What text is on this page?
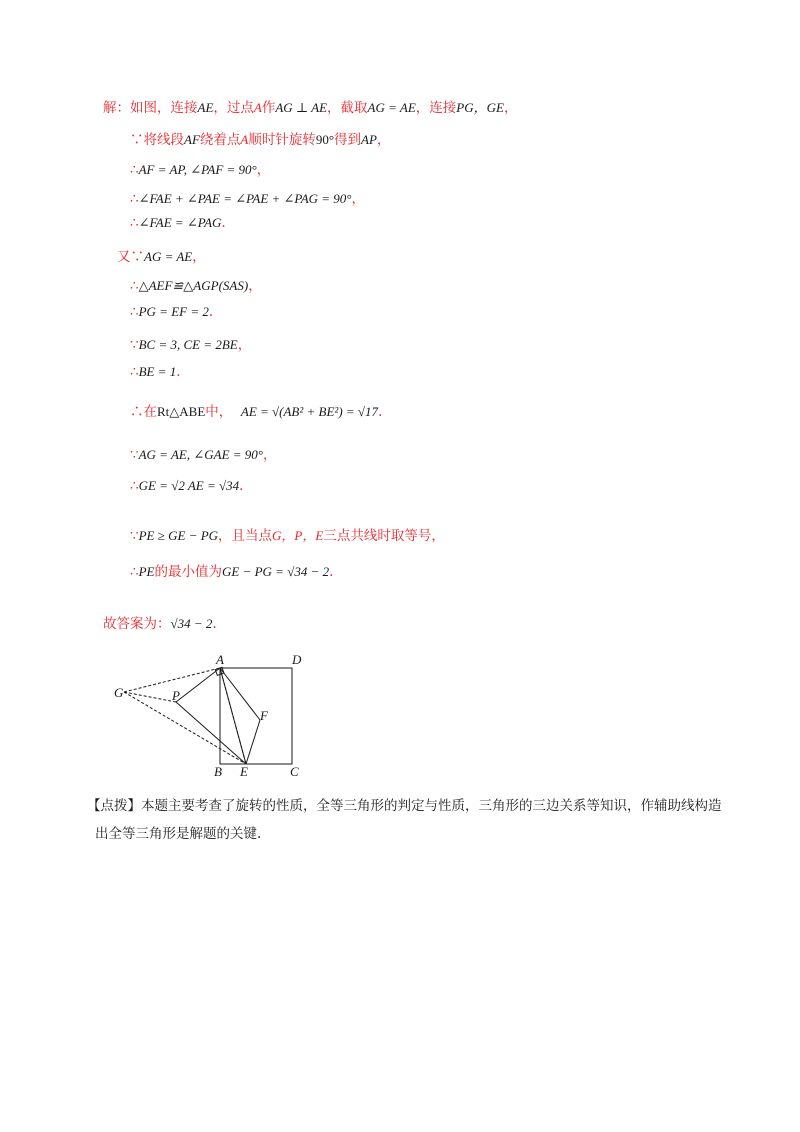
解：如图，连接AE，过点A作AG ⊥ AE，截取AG = AE，连接PG，GE，
∵将线段AF绕着点A顺时针旋转90°得到AP，
∴AF = AP, ∠PAF = 90°，
∴∠FAE + ∠PAE = ∠PAE + ∠PAG = 90°，
∴∠FAE = ∠PAG.
又∵AG = AE，
∴△AEF≌△AGP(SAS)，
∴PG = EF = 2.
∵BC = 3, CE = 2BE，
∴BE = 1.
∴在Rt△ABE中， AE = √(AB² + BE²) = √17.
∵AG = AE, ∠GAE = 90°，
∴GE = √2 AE = √34.
∵PE ≥ GE − PG，且当点G，P，E三点共线时取等号，
∴PE的最小值为GE − PG = √34 − 2.
故答案为：√34 − 2.
A	D
G	P
F
B E	C
【点拨】本题主要考查了旋转的性质，全等三角形的判定与性质，三角形的三边关系等知识，作辅助线构造出全等三角形是解题的关键.
